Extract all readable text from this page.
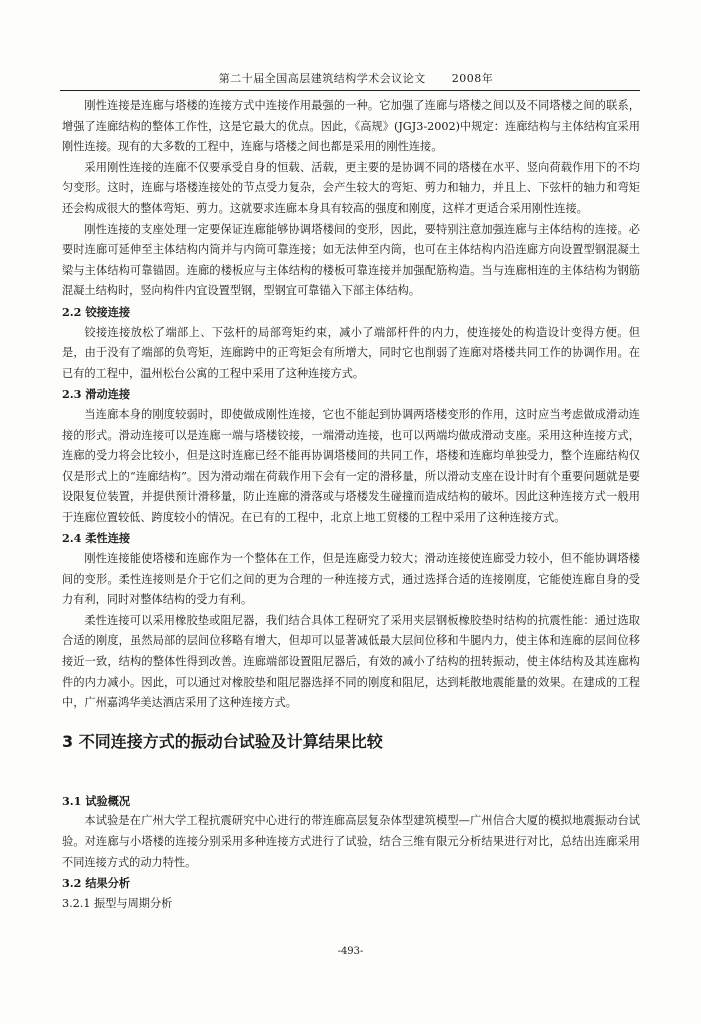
第二十届全国高层建筑结构学术会议论文 2008年

刚性连接是连廊与塔楼的连接方式中连接作用最强的一种。它加强了连廊与塔楼之间以及不同塔楼之间的联系，增强了连廊结构的整体工作性，这是它最大的优点。因此，《高规》(JGJ3-2002)中规定：连廊结构与主体结构宜采用刚性连接。现有的大多数的工程中，连廊与塔楼之间也都是采用的刚性连接。

采用刚性连接的连廊不仅要承受自身的恒载、活载，更主要的是协调不同的塔楼在水平、竖向荷载作用下的不均匀变形。这时，连廊与塔楼连接处的节点受力复杂，会产生较大的弯矩、剪力和轴力，并且上、下弦杆的轴力和弯矩还会构成很大的整体弯矩、剪力。这就要求连廊本身具有较高的强度和刚度，这样才更适合采用刚性连接。

刚性连接的支座处理一定要保证连廊能够协调塔楼间的变形，因此，要特别注意加强连廊与主体结构的连接。必要时连廊可延伸至主体结构内筒并与内筒可靠连接；如无法伸至内筒，也可在主体结构内沿连廊方向设置型钢混凝土梁与主体结构可靠锚固。连廊的楼板应与主体结构的楼板可靠连接并加强配筋构造。当与连廊相连的主体结构为钢筋混凝土结构时，竖向构件内宜设置型钢，型钢宜可靠锚入下部主体结构。

2.2 铰接连接

铰接连接放松了端部上、下弦杆的局部弯矩约束，减小了端部杆件的内力，使连接处的构造设计变得方便。但是，由于没有了端部的负弯矩，连廊跨中的正弯矩会有所增大，同时它也削弱了连廊对塔楼共同工作的协调作用。在已有的工程中，温州松台公寓的工程中采用了这种连接方式。

2.3 滑动连接

当连廊本身的刚度较弱时，即使做成刚性连接，它也不能起到协调两塔楼变形的作用，这时应当考虑做成滑动连接的形式。滑动连接可以是连廊一端与塔楼铰接，一端滑动连接，也可以两端均做成滑动支座。采用这种连接方式，连廊的受力将会比较小，但是这时连廊已经不能再协调塔楼间的共同工作，塔楼和连廊均单独受力，整个连廊结构仅仅是形式上的“连廊结构”。因为滑动端在荷载作用下会有一定的滑移量，所以滑动支座在设计时有个重要问题就是要设限复位装置，并提供预计滑移量，防止连廊的滑落或与塔楼发生碰撞而造成结构的破坏。因此这种连接方式一般用于连廊位置较低、跨度较小的情况。在已有的工程中，北京上地工贸楼的工程中采用了这种连接方式。

2.4 柔性连接

刚性连接能使塔楼和连廊作为一个整体在工作，但是连廊受力较大；滑动连接使连廊受力较小，但不能协调塔楼间的变形。柔性连接则是介于它们之间的更为合理的一种连接方式，通过选择合适的连接刚度，它能使连廊自身的受力有利，同时对整体结构的受力有利。

柔性连接可以采用橡胶垫或阻尼器，我们结合具体工程研究了采用夹层钢板橡胶垫时结构的抗震性能：通过选取合适的刚度，虽然局部的层间位移略有增大，但却可以显著减低最大层间位移和牛腿内力，使主体和连廊的层间位移接近一致，结构的整体性得到改善。连廊端部设置阻尼器后，有效的减小了结构的扭转振动，使主体结构及其连廊构件的内力减小。因此，可以通过对橡胶垫和阻尼器选择不同的刚度和阻尼，达到耗散地震能量的效果。在建成的工程中，广州嘉鸿华美达酒店采用了这种连接方式。

3 不同连接方式的振动台试验及计算结果比较
3.1 试验概况

本试验是在广州大学工程抗震研究中心进行的带连廊高层复杂体型建筑模型—广州信合大厦的模拟地震振动台试验。对连廊与小塔楼的连接分别采用多种连接方式进行了试验，结合三维有限元分析结果进行对比，总结出连廊采用不同连接方式的动力特性。

3.2 结果分析
3.2.1 振型与周期分析
-493-
